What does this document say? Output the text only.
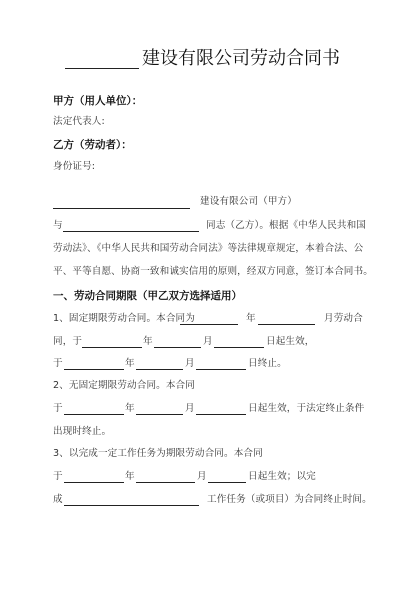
建设有限公司劳动合同书
甲方（用人单位）：
法定代表人:
乙方（劳动者）：
身份证号:
建设有限公司（甲方）
与	同志（乙方）。根据《中华人民共和国
劳动法》、《中华人民共和国劳动合同法》等法律规章规定，本着合法、公
平、平等自愿、协商一致和诚实信用的原则，经双方同意，签订本合同书。
一、劳动合同期限（甲乙双方选择适用）
1、固定期限劳动合同。本合同为	年	月劳动合
同，于	年	月	日起生效，
于	年	月	日终止。
2、无固定期限劳动合同。本合同
于	年	月	日起生效，于法定终止条件
出现时终止。
3、以完成一定工作任务为期限劳动合同。本合同
于	年	月	日起生效；以完
成	工作任务（或项目）为合同终止时间。
